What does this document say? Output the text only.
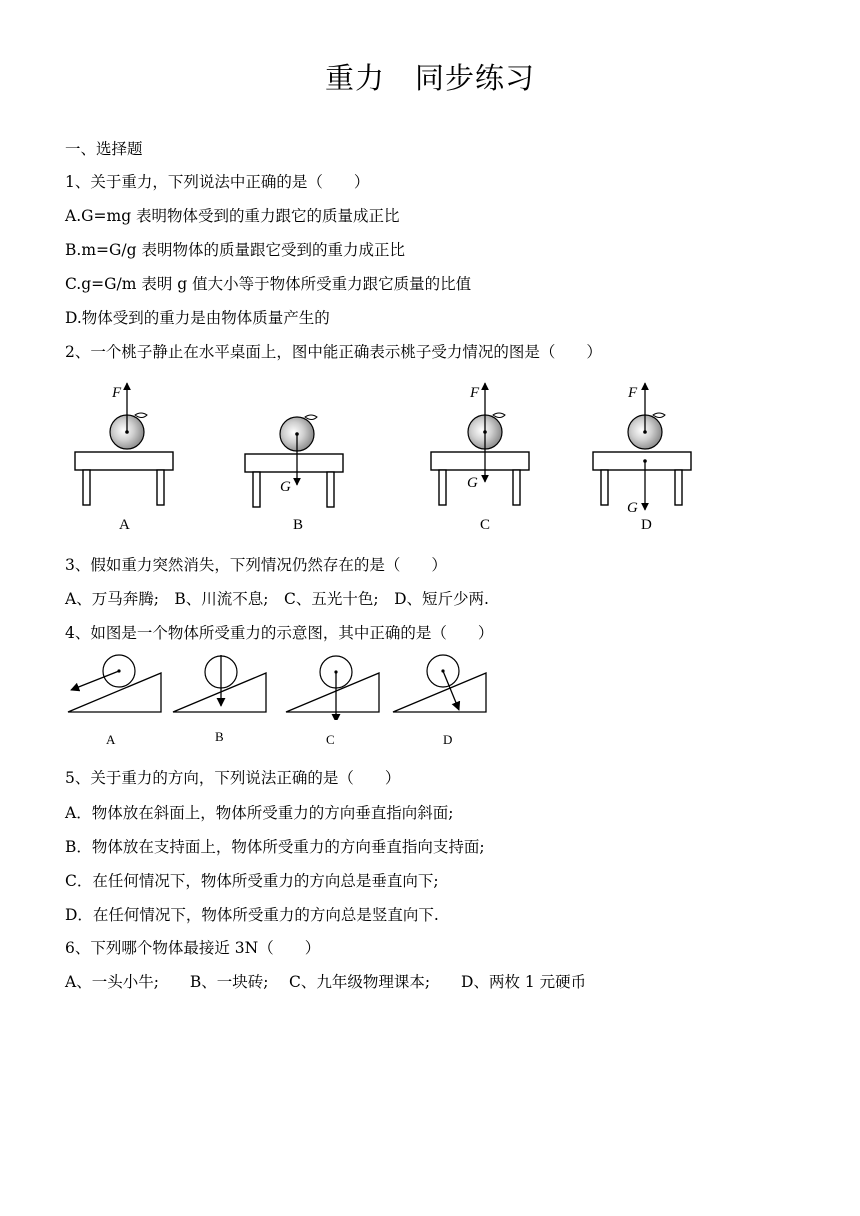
重力　同步练习
一、选择题
1、关于重力，下列说法中正确的是（　　）
A.G=mg 表明物体受到的重力跟它的质量成正比
B.m=G/g 表明物体的质量跟它受到的重力成正比
C.g=G/m 表明 g 值大小等于物体所受重力跟它质量的比值
D.物体受到的重力是由物体质量产生的
2、一个桃子静止在水平桌面上，图中能正确表示桃子受力情况的图是（　　）
F
G
F
G
F
G
A	B	C	D
3、假如重力突然消失，下列情况仍然存在的是（　　）
A、万马奔腾;　B、川流不息;　C、五光十色;　D、短斤少两.
4、如图是一个物体所受重力的示意图，其中正确的是（　　）
A	B	C	D
5、关于重力的方向，下列说法正确的是（　　）
A．物体放在斜面上，物体所受重力的方向垂直指向斜面;
B．物体放在支持面上，物体所受重力的方向垂直指向支持面;
C．在任何情况下，物体所受重力的方向总是垂直向下;
D．在任何情况下，物体所受重力的方向总是竖直向下.
6、下列哪个物体最接近 3N（　　）
A、一头小牛;　　B、一块砖;　 C、九年级物理课本;　　D、两枚 1 元硬币
